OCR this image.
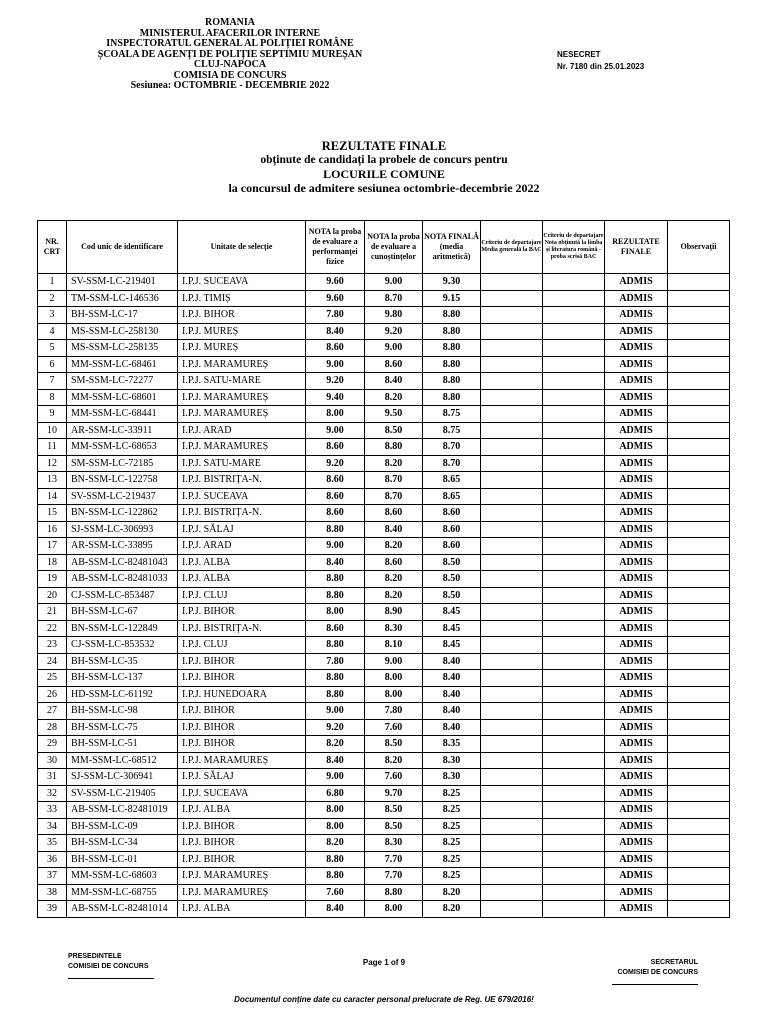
ROMANIA
MINISTERUL AFACERILOR INTERNE
INSPECTORATUL GENERAL AL POLIȚIEI ROMÂNE
ȘCOALA DE AGENȚI DE POLIȚIE SEPTIMIU MUREȘAN
CLUJ-NAPOCA
COMISIA DE CONCURS
Sesiunea: OCTOMBRIE - DECEMBRIE 2022
NESECRET
Nr. 7180 din 25.01.2023
REZULTATE FINALE
obținute de candidați la probele de concurs pentru
LOCURILE COMUNE
la concursul de admitere sesiunea octombrie-decembrie 2022
NR. CRT	Cod unic de identificare	Unitate de selecție	NOTA la proba de evaluare a performanței fizice	NOTA la proba de evaluare a cunoștințelor	NOTA FINALĂ (media aritmetică)	Criteriu de departajare Media generală la BAC	Criteriu de departajare Nota obținută la limba și literatura română - proba scrisă BAC	REZULTATE FINALE	Observații
1	SV-SSM-LC-219401	I.P.J. SUCEAVA	9.60	9.00	9.30			ADMIS	
2	TM-SSM-LC-146536	I.P.J. TIMIȘ	9.60	8.70	9.15			ADMIS	
3	BH-SSM-LC-17	I.P.J. BIHOR	7.80	9.80	8.80			ADMIS	
4	MS-SSM-LC-258130	I.P.J. MUREȘ	8.40	9.20	8.80			ADMIS	
5	MS-SSM-LC-258135	I.P.J. MUREȘ	8.60	9.00	8.80			ADMIS	
6	MM-SSM-LC-68461	I.P.J. MARAMUREȘ	9.00	8.60	8.80			ADMIS	
7	SM-SSM-LC-72277	I.P.J. SATU-MARE	9.20	8.40	8.80			ADMIS	
8	MM-SSM-LC-68601	I.P.J. MARAMUREȘ	9.40	8.20	8.80			ADMIS	
9	MM-SSM-LC-68441	I.P.J. MARAMUREȘ	8.00	9.50	8.75			ADMIS	
10	AR-SSM-LC-33911	I.P.J. ARAD	9.00	8.50	8.75			ADMIS	
11	MM-SSM-LC-68653	I.P.J. MARAMUREȘ	8.60	8.80	8.70			ADMIS	
12	SM-SSM-LC-72185	I.P.J. SATU-MARE	9.20	8.20	8.70			ADMIS	
13	BN-SSM-LC-122758	I.P.J. BISTRIȚA-N.	8.60	8.70	8.65			ADMIS	
14	SV-SSM-LC-219437	I.P.J. SUCEAVA	8.60	8.70	8.65			ADMIS	
15	BN-SSM-LC-122862	I.P.J. BISTRIȚA-N.	8.60	8.60	8.60			ADMIS	
16	SJ-SSM-LC-306993	I.P.J. SĂLAJ	8.80	8.40	8.60			ADMIS	
17	AR-SSM-LC-33895	I.P.J. ARAD	9.00	8.20	8.60			ADMIS	
18	AB-SSM-LC-82481043	I.P.J. ALBA	8.40	8.60	8.50			ADMIS	
19	AB-SSM-LC-82481033	I.P.J. ALBA	8.80	8.20	8.50			ADMIS	
20	CJ-SSM-LC-853487	I.P.J. CLUJ	8.80	8.20	8.50			ADMIS	
21	BH-SSM-LC-67	I.P.J. BIHOR	8.00	8.90	8.45			ADMIS	
22	BN-SSM-LC-122849	I.P.J. BISTRIȚA-N.	8.60	8.30	8.45			ADMIS	
23	CJ-SSM-LC-853532	I.P.J. CLUJ	8.80	8.10	8.45			ADMIS	
24	BH-SSM-LC-35	I.P.J. BIHOR	7.80	9.00	8.40			ADMIS	
25	BH-SSM-LC-137	I.P.J. BIHOR	8.80	8.00	8.40			ADMIS	
26	HD-SSM-LC-61192	I.P.J. HUNEDOARA	8.80	8.00	8.40			ADMIS	
27	BH-SSM-LC-98	I.P.J. BIHOR	9.00	7.80	8.40			ADMIS	
28	BH-SSM-LC-75	I.P.J. BIHOR	9.20	7.60	8.40			ADMIS	
29	BH-SSM-LC-51	I.P.J. BIHOR	8.20	8.50	8.35			ADMIS	
30	MM-SSM-LC-68512	I.P.J. MARAMUREȘ	8.40	8.20	8.30			ADMIS	
31	SJ-SSM-LC-306941	I.P.J. SĂLAJ	9.00	7.60	8.30			ADMIS	
32	SV-SSM-LC-219405	I.P.J. SUCEAVA	6.80	9.70	8.25			ADMIS	
33	AB-SSM-LC-82481019	I.P.J. ALBA	8.00	8.50	8.25			ADMIS	
34	BH-SSM-LC-09	I.P.J. BIHOR	8.00	8.50	8.25			ADMIS	
35	BH-SSM-LC-34	I.P.J. BIHOR	8.20	8.30	8.25			ADMIS	
36	BH-SSM-LC-01	I.P.J. BIHOR	8.80	7.70	8.25			ADMIS	
37	MM-SSM-LC-68603	I.P.J. MARAMUREȘ	8.80	7.70	8.25			ADMIS	
38	MM-SSM-LC-68755	I.P.J. MARAMUREȘ	7.60	8.80	8.20			ADMIS	
39	AB-SSM-LC-82481014	I.P.J. ALBA	8.40	8.00	8.20			ADMIS	
PRESEDINTELE
COMISIEI DE CONCURS	Page 1 of 9	SECRETARUL
COMISIEI DE CONCURS
Documentul conține date cu caracter personal prelucrate de Reg. UE 679/2016!
